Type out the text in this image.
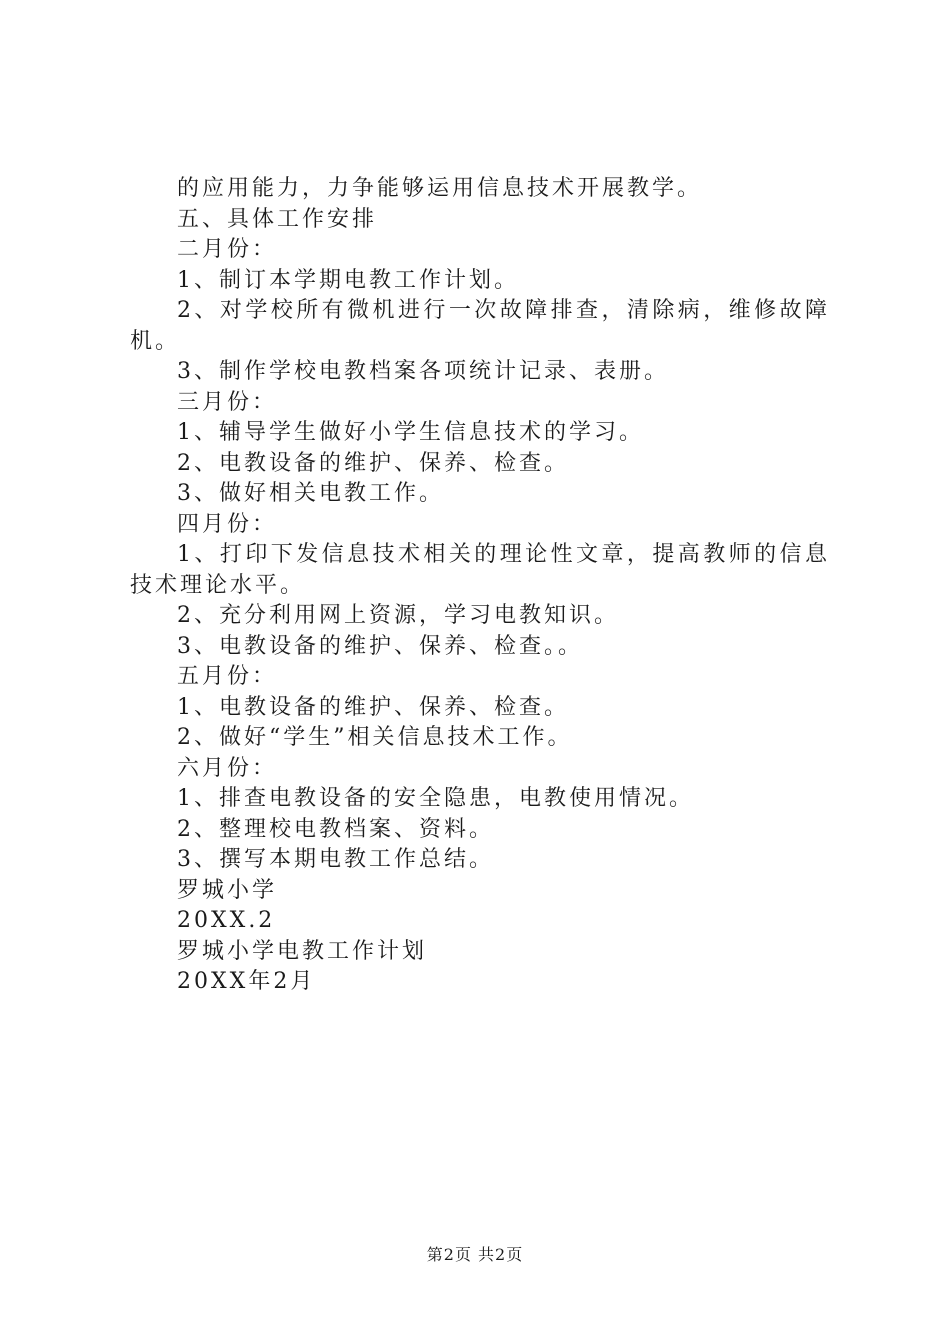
的应用能力，力争能够运用信息技术开展教学。
五、具体工作安排
二月份：
1、制订本学期电教工作计划。
2、对学校所有微机进行一次故障排查，清除病，维修故障机。
3、制作学校电教档案各项统计记录、表册。
三月份：
1、辅导学生做好小学生信息技术的学习。
2、电教设备的维护、保养、检查。
3、做好相关电教工作。
四月份：
1、打印下发信息技术相关的理论性文章，提高教师的信息技术理论水平。
2、充分利用网上资源，学习电教知识。
3、电教设备的维护、保养、检查。。
五月份：
1、电教设备的维护、保养、检查。
2、做好“学生”相关信息技术工作。
六月份：
1、排查电教设备的安全隐患，电教使用情况。
2、整理校电教档案、资料。
3、撰写本期电教工作总结。
罗城小学
20XX.2
罗城小学电教工作计划
20XX年2月
第2页 共2页
